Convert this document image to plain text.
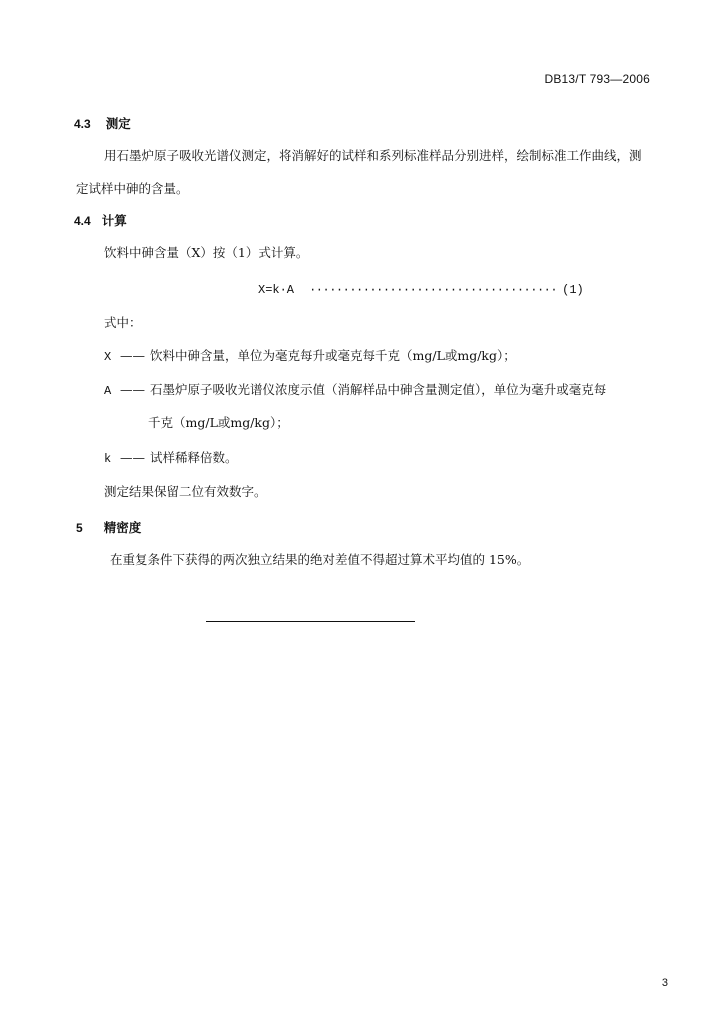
DB13/T 793—2006
4.3 测定
用石墨炉原子吸收光谱仪测定，将消解好的试样和系列标准样品分别进样，绘制标准工作曲线，测
定试样中砷的含量。
4.4 计算
饮料中砷含量（X）按（1）式计算。
X=k·A ····································· (1)
式中：
X —— 饮料中砷含量，单位为毫克每升或毫克每千克（mg/L或mg/kg）；
A —— 石墨炉原子吸收光谱仪浓度示值（消解样品中砷含量测定值），单位为毫升或毫克每
千克（mg/L或mg/kg）；
k —— 试样稀释倍数。
测定结果保留二位有效数字。
5 精密度
在重复条件下获得的两次独立结果的绝对差值不得超过算术平均值的 15%。
3
